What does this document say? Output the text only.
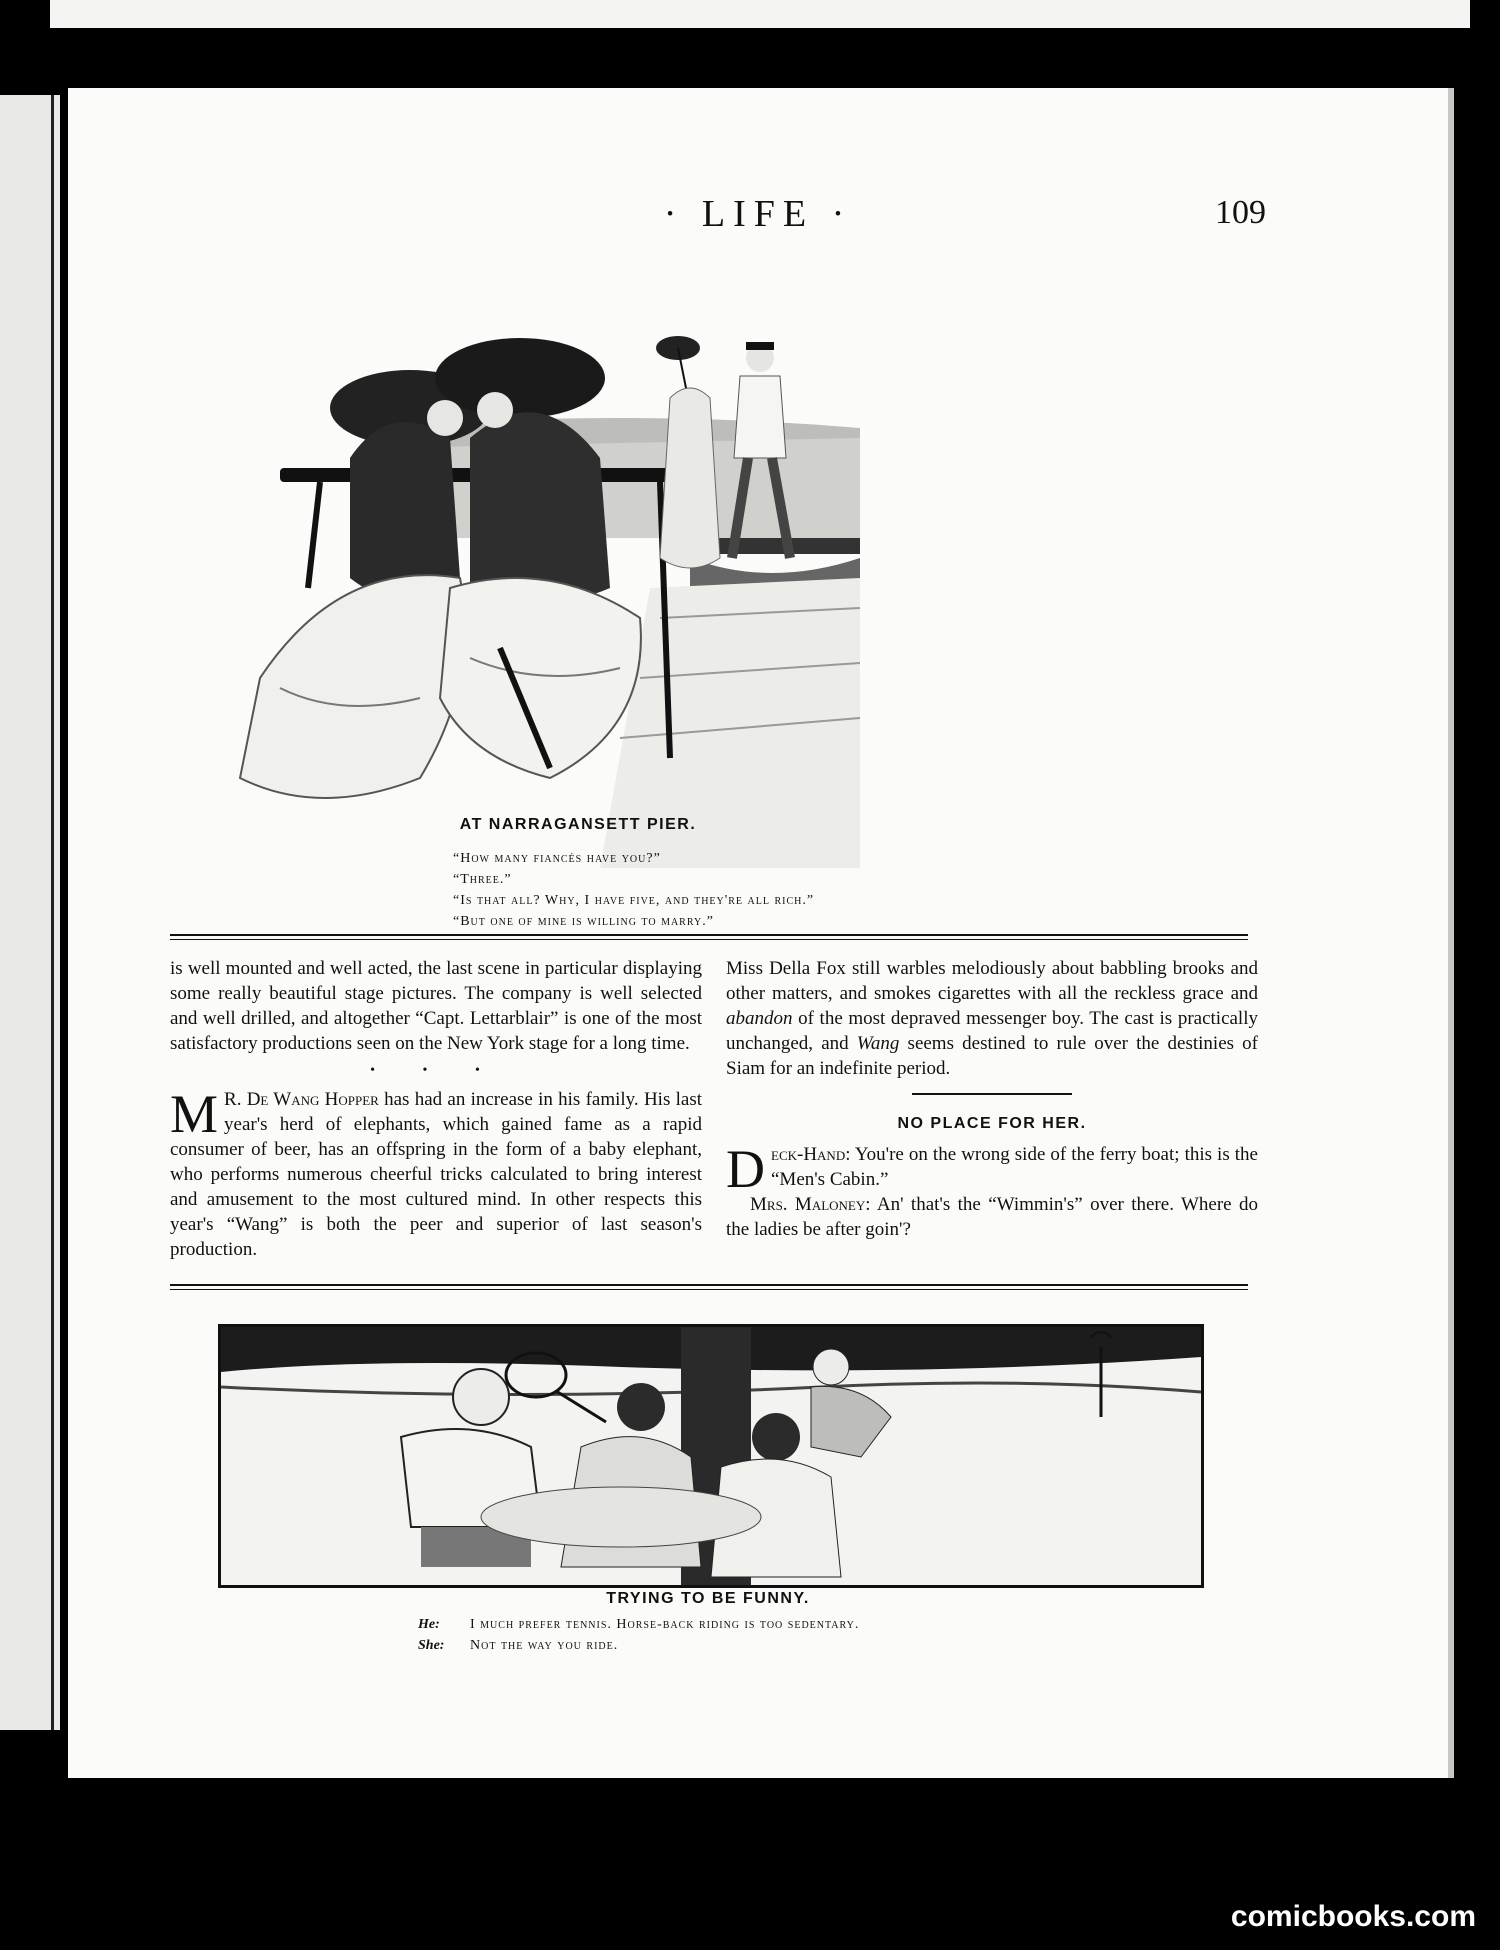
· LIFE ·	109
AT NARRAGANSETT PIER.
“How many fiancés have you?”
“Three.”
“Is that all? Why, I have five, and they're all rich.”
“But one of mine is willing to marry.”

is well mounted and well acted, the last scene in particular displaying some really beautiful stage pictures. The company is well selected and well drilled, and altogether “Capt. Lettarblair” is one of the most satisfactory productions seen on the New York stage for a long time.

• • •

M R. De Wang Hopper has had an increase in his family. His last year's herd of elephants, which gained fame as a rapid consumer of beer, has an offspring in the form of a baby elephant, who performs numerous cheerful tricks calculated to bring interest and amusement to the most cultured mind. In other respects this year's “Wang” is both the peer and superior of last season's production.

Miss Della Fox still warbles melodiously about babbling brooks and other matters, and smokes cigarettes with all the reckless grace and abandon of the most depraved messenger boy. The cast is practically unchanged, and Wang seems destined to rule over the destinies of Siam for an indefinite period.

NO PLACE FOR HER.

Deck-Hand: You're on the wrong side of the ferry boat; this is the “Men's Cabin.”

Mrs. Maloney: An' that's the “Wimmin's” over there. Where do the ladies be after goin'?

TRYING TO BE FUNNY.
He: I much prefer tennis. Horse-back riding is too sedentary.
She: Not the way you ride.
comicbooks.com
